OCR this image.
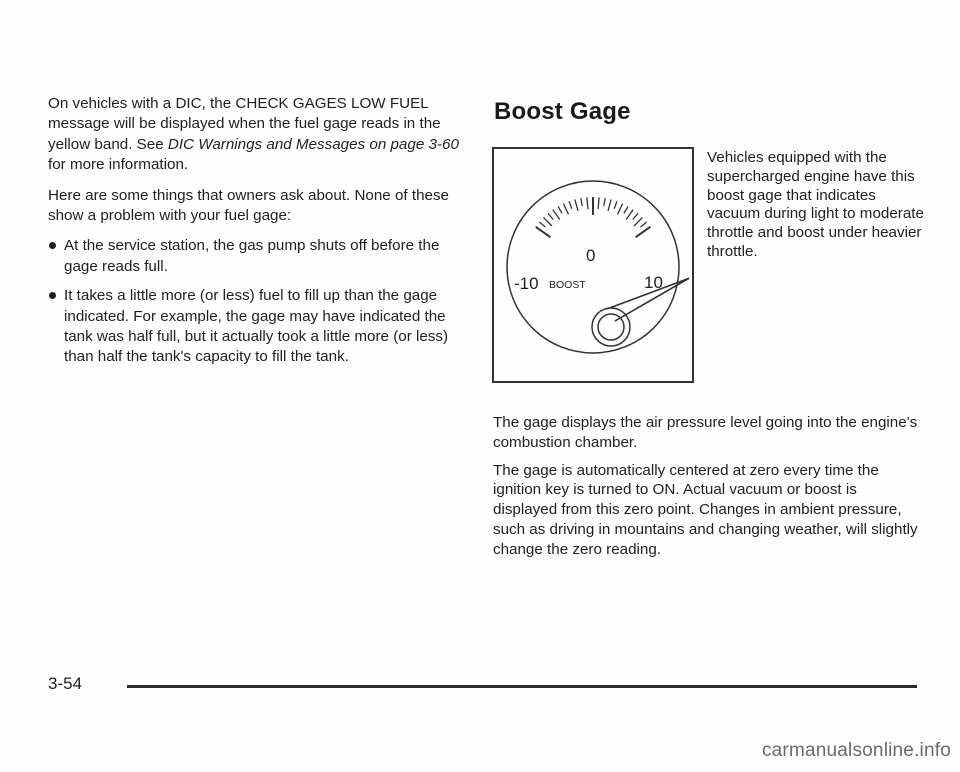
On vehicles with a DIC, the CHECK GAGES LOW FUEL message will be displayed when the fuel gage reads in the yellow band. See DIC Warnings and Messages on page 3-60 for more information.

Here are some things that owners ask about. None of these show a problem with your fuel gage:

At the service station, the gas pump shuts off before the gage reads full.
It takes a little more (or less) fuel to fill up than the gage indicated. For example, the gage may have indicated the tank was half full, but it actually took a little more (or less) than half the tank's capacity to fill the tank.
Boost Gage
0
-10 BOOST	10

Vehicles equipped with the supercharged engine have this boost gage that indicates vacuum during light to moderate throttle and boost under heavier throttle.

The gage displays the air pressure level going into the engine's combustion chamber.

The gage is automatically centered at zero every time the ignition key is turned to ON. Actual vacuum or boost is displayed from this zero point. Changes in ambient pressure, such as driving in mountains and changing weather, will slightly change the zero reading.

3-54
carmanualsonline.info
